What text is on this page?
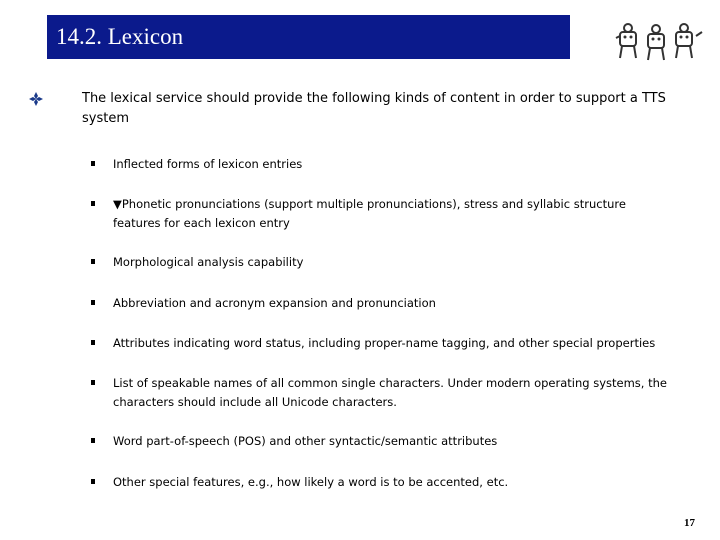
14.2. Lexicon
The lexical service should provide the following kinds of content in order to support a TTS system
Inflected forms of lexicon entries
▼Phonetic pronunciations (support multiple pronunciations), stress and syllabic structure features for each lexicon entry
Morphological analysis capability
Abbreviation and acronym expansion and pronunciation
Attributes indicating word status, including proper-name tagging, and other special properties
List of speakable names of all common single characters. Under modern operating systems, the characters should include all Unicode characters.
Word part-of-speech (POS) and other syntactic/semantic attributes
Other special features, e.g., how likely a word is to be accented, etc.
17
